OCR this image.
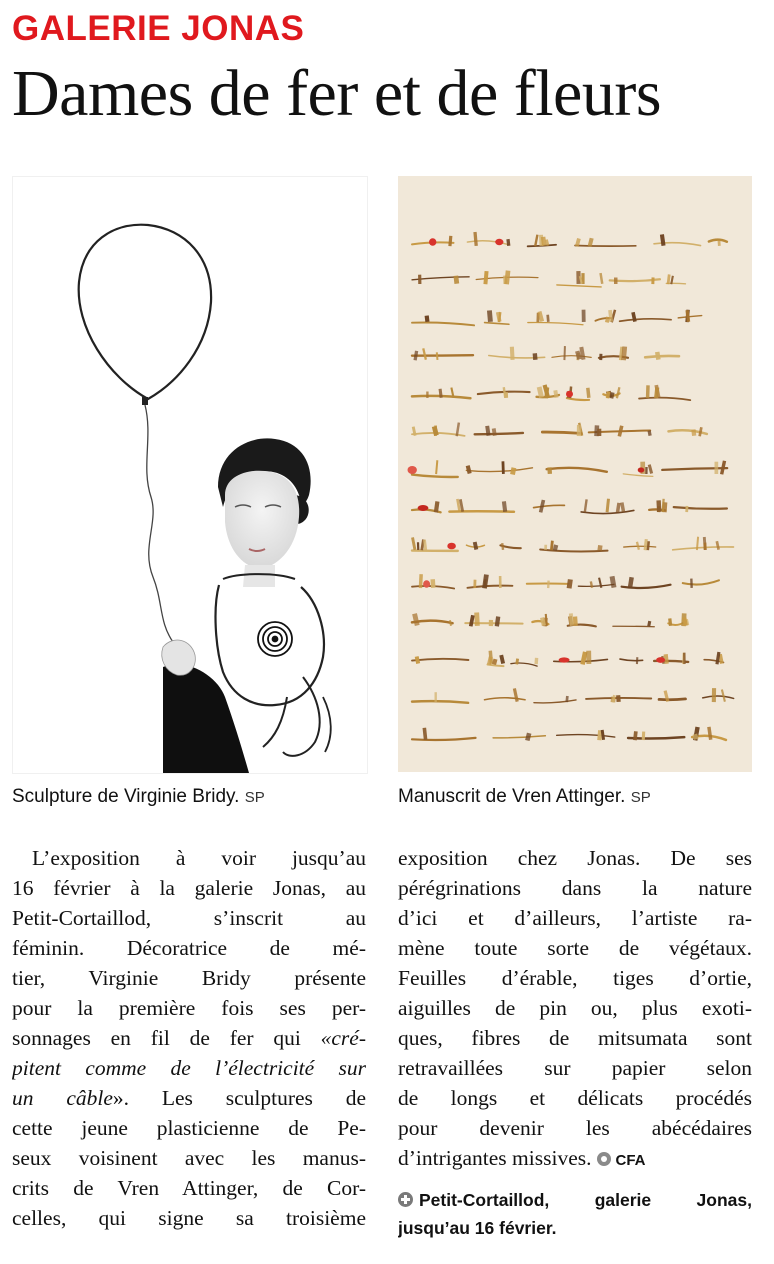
GALERIE JONAS
Dames de fer et de fleurs
Sculpture de Virginie Bridy. SP	Manuscrit de Vren Attinger. SP
L’exposition à voir jusqu’au
16 février à la galerie Jonas, au
Petit-Cortaillod, s’inscrit au
féminin. Décoratrice de mé-
tier, Virginie Bridy présente
pour la première fois ses per-
sonnages en fil de fer qui «cré-
pitent comme de l’électricité sur
un câble». Les sculptures de
cette jeune plasticienne de Pe-
seux voisinent avec les manus-
crits de Vren Attinger, de Cor-
celles, qui signe sa troisième
exposition chez Jonas. De ses
pérégrinations dans la nature
d’ici et d’ailleurs, l’artiste ra-
mène toute sorte de végétaux.
Feuilles d’érable, tiges d’ortie,
aiguilles de pin ou, plus exoti-
ques, fibres de mitsumata sont
retravaillées sur papier selon
de longs et délicats procédés
pour devenir les abécédaires
d’intrigantes missives. CFA
Petit-Cortaillod, galerie Jonas,
jusqu’au 16 février.
